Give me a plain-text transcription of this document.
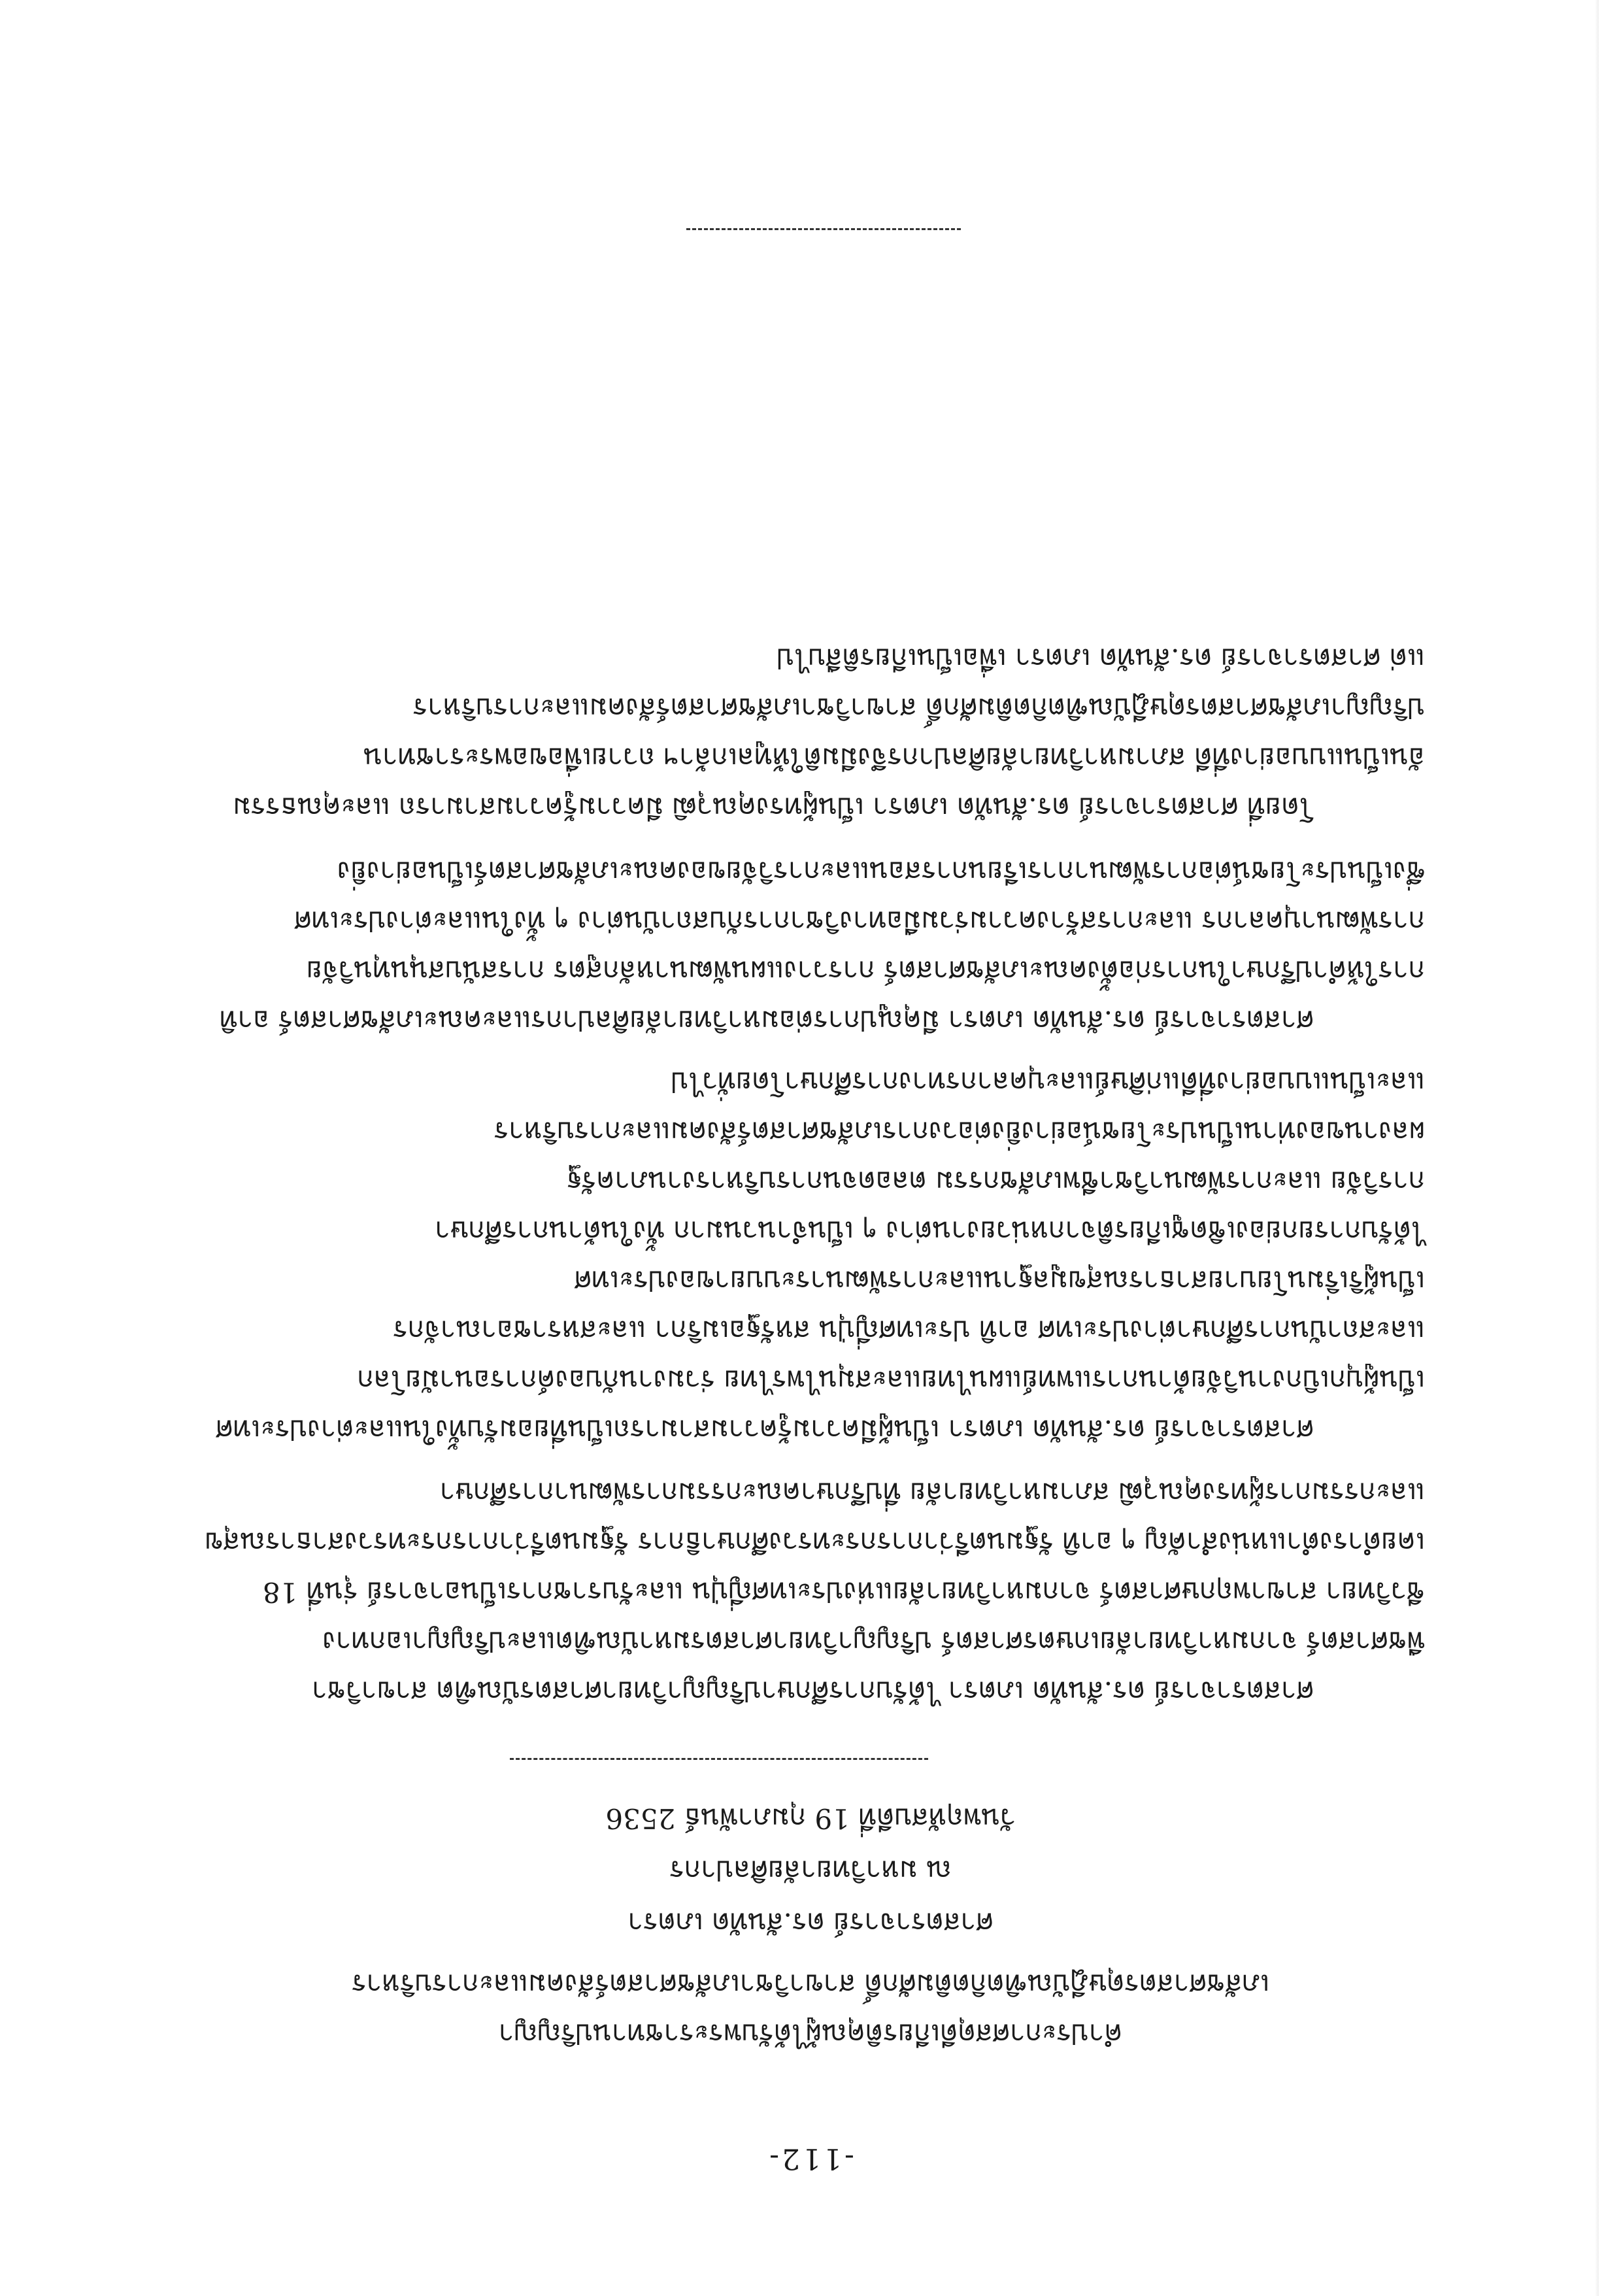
-112-
คำประกาศสดุดีเกียรติคุณผู้ได้รับพระราชทานปริญญา
เภสัชศาสตรดุษฎีบัณฑิตกิตติมศักดิ์ สาขาวิชาเภสัชศาสตร์สังคมและการบริหาร
ศาสตราจารย์ ดร.สันทัด เภตรา
ณ มหาวิทยาลัยศิลปากร
วันพฤหัสบดีที่ 19 กุมภาพันธ์ 2536
ศาสตราจารย์ ดร.สันทัด เภตรา ได้รับการศึกษาปริญญาวิทยาศาสตรบัณฑิต สาขาวิชา
พืชศาสตร์ จากมหาวิทยาลัยเกษตรศาสตร์ ปริญญาวิทยาศาสตรมหาบัณฑิตและปริญญาเอกทาง
ชีววิทยา สาขาพฤกษศาสตร์ จากมหาวิทยาลัยแห่งประเทศญี่ปุ่น และรับราชการเป็นอาจารย์ รุ่นที่ 18
เคยดำรงตำแหน่งสำคัญ ๆ อาทิ รัฐมนตรีว่าการกระทรวงศึกษาธิการ รัฐมนตรีว่าการกระทรวงสาธารณสุข
และกรรมการผู้ทรงคุณวุฒิ สภามหาวิทยาลัย ที่ปรึกษาคณะกรรมการพัฒนาการศึกษา
ศาสตราจารย์ ดร.สันทัด เภตรา เป็นผู้มีความรู้ความสามารถเป็นที่ยอมรับทั้งในและต่างประเทศ
เป็นผู้บุกเบิกงานวิจัยด้านการแพทย์แผนไทยและสมุนไพรไทย ร่วมงานกับองค์การอนามัยโลก
และสถาบันการศึกษาต่างประเทศ อาทิ ประเทศญี่ปุ่น สหรัฐอเมริกา และสหราชอาณาจักร
เป็นผู้ริเริ่มนโยบายสาธารณสุขมูลฐานและการพัฒนาระบบยาของประเทศ
ได้รับการยกย่องเชิดชูเกียรติจากหน่วยงานต่าง ๆ เป็นจำนวนมาก ทั้งในด้านการศึกษา
การวิจัย และการพัฒนาวิชาชีพเภสัชกรรม ตลอดจนการบริหารงานภาครัฐ
ผลงานของท่านเป็นประโยชน์อย่างยิ่งต่อวงการเภสัชศาสตร์สังคมและการบริหาร
และเป็นแบบอย่างที่ดีแก่ศิษย์และบุคลากรทางการศึกษาโดยทั่วไป
ศาสตราจารย์ ดร.สันทัด เภตรา มีคุณูปการต่อมหาวิทยาลัยศิลปากรและคณะเภสัชศาสตร์ อาทิ
การให้คำปรึกษาในการก่อตั้งคณะเภสัชศาสตร์ การวางแผนพัฒนาหลักสูตร การสนับสนุนทุนวิจัย
การพัฒนาบุคลากร และการสร้างความร่วมมือทางวิชาการกับสถาบันต่าง ๆ ทั้งในและต่างประเทศ
ซึ่งเป็นประโยชน์ต่อการพัฒนาการเรียนการสอนและการวิจัยของคณะเภสัชศาสตร์เป็นอย่างยิ่ง
โดยที่ ศาสตราจารย์ ดร.สันทัด เภตรา เป็นผู้ทรงคุณวุฒิ มีความรู้ความสามารถ และคุณธรรม
อันเป็นแบบอย่างที่ดี สภามหาวิทยาลัยศิลปากรจึงมีมติให้ทูลเกล้าฯ ถวายเพื่อขอพระราชทาน
ปริญญาเภสัชศาสตรดุษฎีบัณฑิตกิตติมศักดิ์ สาขาวิชาเภสัชศาสตร์สังคมและการบริหาร
แด่ ศาสตราจารย์ ดร.สันทัด เภตรา เพื่อเป็นเกียรติสืบไป
